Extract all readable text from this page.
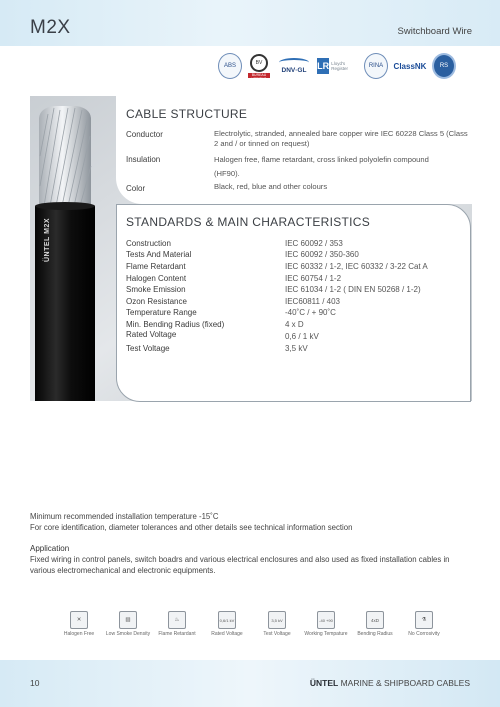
M2X	Switchboard Wire
ABS	BV
BUREAU VERITAS
DNV·GL LR Lloyd's Register	RINA ClassNK RS
ÜNTEL M2X
CABLE STRUCTURE
Conductor	Electrolytic, stranded, annealed bare copper wire IEC 60228 Class 5 (Class 2 and / or tinned on request)
Insulation	Halogen free, flame retardant, cross linked polyolefin compound (HF90).
Color	Black, red, blue and other colours
STANDARDS & MAIN CHARACTERISTICS
Construction	IEC 60092 / 353
Tests And Material	IEC 60092 / 350-360
Flame Retardant	IEC 60332 / 1-2, IEC 60332 / 3-22 Cat A
Halogen Content	IEC 60754 / 1-2
Smoke Emission	IEC 61034 / 1-2 ( DIN EN 50268 / 1-2)
Ozon Resistance	IEC60811 / 403
Temperature Range	-40˚C / + 90˚C
Min. Bending Radius (fixed)	4 x D
Rated Voltage	0,6 / 1 kV
Test Voltage	3,5 kV
Minimum recommended installation temperature -15˚C
For core identification, diameter tolerances and other details see technical information section
Application
Fixed wiring in control panels, switch boadrs and various electrical enclosures and also used as fixed installation cables in various electromechanical and electronic equipments.
✕
Halogen Free
▨
Low Smoke Density
♨
Flame Retardant
0,6/1 kV
Rated Voltage
3,5 kV
Test Voltage
-40 +90
Working Tempature
4xD
Bending Radius
⚗
No Corrosivity
10	ÜNTEL MARINE & SHIPBOARD CABLES
